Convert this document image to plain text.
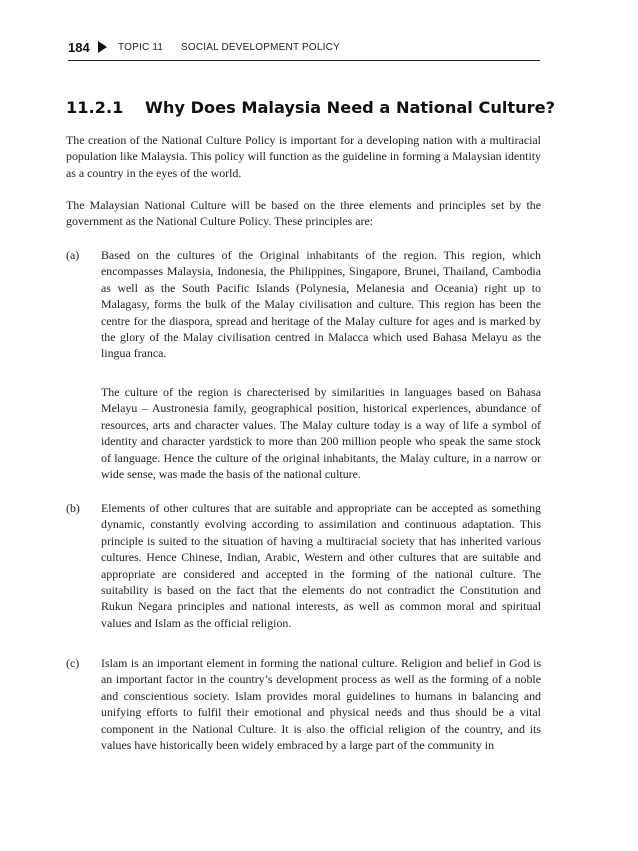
184	TOPIC 11 SOCIAL DEVELOPMENT POLICY
11.2.1 Why Does Malaysia Need a National Culture?

The creation of the National Culture Policy is important for a developing nation with a multiracial population like Malaysia. This policy will function as the guideline in forming a Malaysian identity as a country in the eyes of the world.

The Malaysian National Culture will be based on the three elements and principles set by the government as the National Culture Policy. These principles are:

(a) Based on the cultures of the Original inhabitants of the region. This region, which encompasses Malaysia, Indonesia, the Philippines, Singapore, Brunei, Thailand, Cambodia as well as the South Pacific Islands (Polynesia, Melanesia and Oceania) right up to Malagasy, forms the bulk of the Malay civilisation and culture. This region has been the centre for the diaspora, spread and heritage of the Malay culture for ages and is marked by the glory of the Malay civilisation centred in Malacca which used Bahasa Melayu as the lingua franca.

The culture of the region is charecterised by similarities in languages based on Bahasa Melayu – Austronesia family, geographical position, historical experiences, abundance of resources, arts and character values. The Malay culture today is a way of life a symbol of identity and character yardstick to more than 200 million people who speak the same stock of language. Hence the culture of the original inhabitants, the Malay culture, in a narrow or wide sense, was made the basis of the national culture.

(b) Elements of other cultures that are suitable and appropriate can be accepted as something dynamic, constantly evolving according to assimilation and continuous adaptation. This principle is suited to the situation of having a multiracial society that has inherited various cultures. Hence Chinese, Indian, Arabic, Western and other cultures that are suitable and appropriate are considered and accepted in the forming of the national culture. The suitability is based on the fact that the elements do not contradict the Constitution and Rukun Negara principles and national interests, as well as common moral and spiritual values and Islam as the official religion.

(c) Islam is an important element in forming the national culture. Religion and belief in God is an important factor in the country’s development process as well as the forming of a noble and conscientious society. Islam provides moral guidelines to humans in balancing and unifying efforts to fulfil their emotional and physical needs and thus should be a vital component in the National Culture. It is also the official religion of the country, and its values have historically been widely embraced by a large part of the community in
